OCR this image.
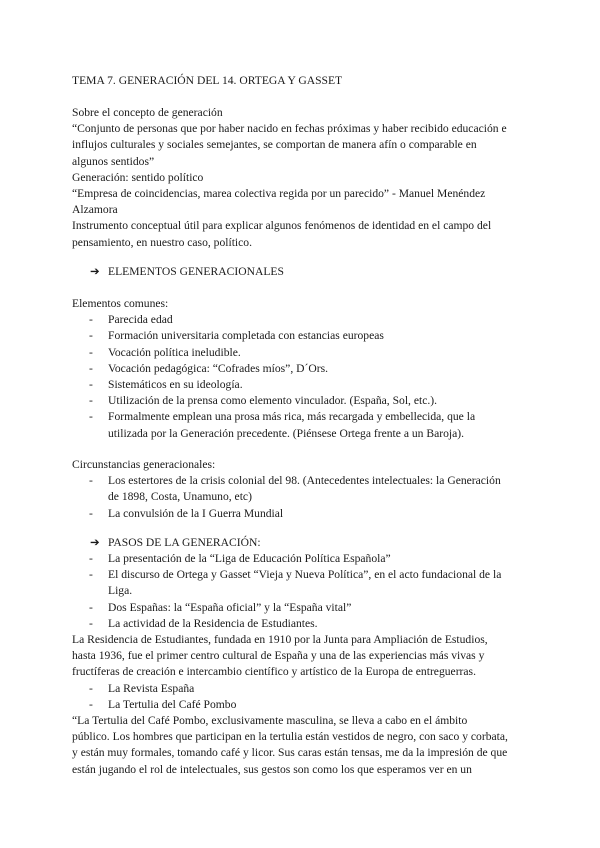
TEMA 7. GENERACIÓN DEL 14. ORTEGA Y GASSET
Sobre el concepto de generación
“Conjunto de personas que por haber nacido en fechas próximas y haber recibido educación e
influjos culturales y sociales semejantes, se comportan de manera afín o comparable en
algunos sentidos”
Generación: sentido político
“Empresa de coincidencias, marea colectiva regida por un parecido” - Manuel Menéndez
Alzamora
Instrumento conceptual útil para explicar algunos fenómenos de identidad en el campo del
pensamiento, en nuestro caso, político.
➔ ELEMENTOS GENERACIONALES
Elementos comunes:
- Parecida edad
- Formación universitaria completada con estancias europeas
- Vocación política ineludible.
- Vocación pedagógica: “Cofrades míos”, D´Ors.
- Sistemáticos en su ideología.
- Utilización de la prensa como elemento vinculador. (España, Sol, etc.).
- Formalmente emplean una prosa más rica, más recargada y embellecida, que la
utilizada por la Generación precedente. (Piénsese Ortega frente a un Baroja).
Circunstancias generacionales:
- Los estertores de la crisis colonial del 98. (Antecedentes intelectuales: la Generación
de 1898, Costa, Unamuno, etc)
- La convulsión de la I Guerra Mundial
➔ PASOS DE LA GENERACIÓN:
- La presentación de la “Liga de Educación Política Española”
- El discurso de Ortega y Gasset “Vieja y Nueva Política”, en el acto fundacional de la
Liga.
- Dos Españas: la “España oficial” y la “España vital”
- La actividad de la Residencia de Estudiantes.
La Residencia de Estudiantes, fundada en 1910 por la Junta para Ampliación de Estudios,
hasta 1936, fue el primer centro cultural de España y una de las experiencias más vivas y
fructíferas de creación e intercambio científico y artístico de la Europa de entreguerras.
- La Revista España
- La Tertulia del Café Pombo
“La Tertulia del Café Pombo, exclusivamente masculina, se lleva a cabo en el ámbito
público. Los hombres que participan en la tertulia están vestidos de negro, con saco y corbata,
y están muy formales, tomando café y licor. Sus caras están tensas, me da la impresión de que
están jugando el rol de intelectuales, sus gestos son como los que esperamos ver en un
